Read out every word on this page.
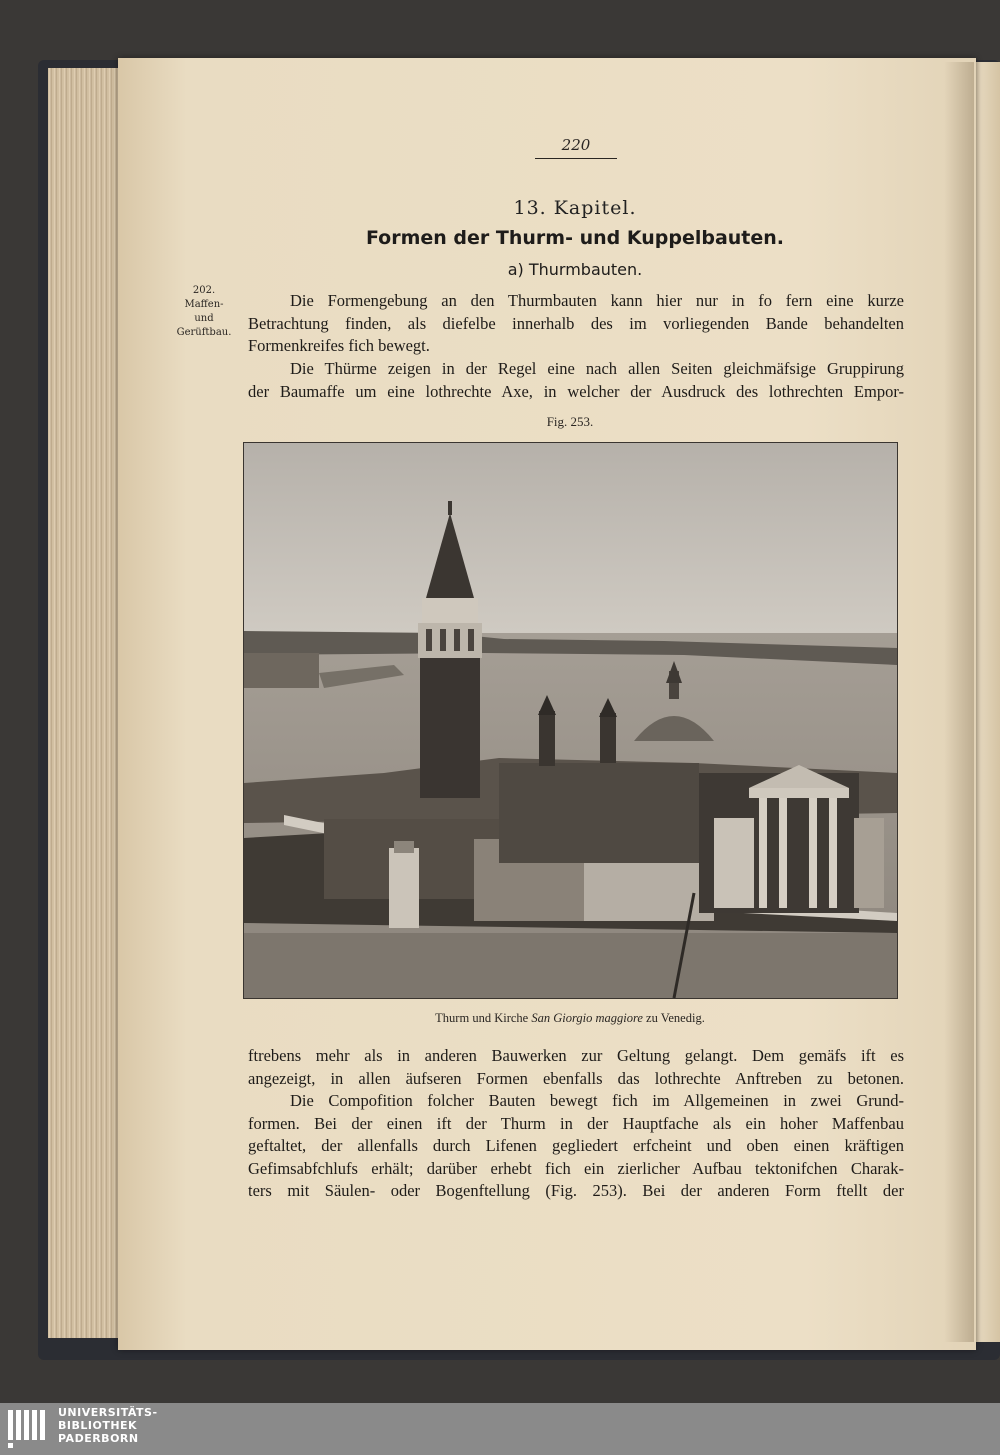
220
13. Kapitel.
Formen der Thurm- und Kuppelbauten.
a) Thurmbauten.
202.
Maffen-
und
Gerüftbau.
Die Formengebung an den Thurmbauten kann hier nur in fo fern eine kurze
Betrachtung finden, als diefelbe innerhalb des im vorliegenden Bande behandelten
Formenkreifes fich bewegt.
Die Thürme zeigen in der Regel eine nach allen Seiten gleichmäfsige Gruppirung
der Baumaffe um eine lothrechte Axe, in welcher der Ausdruck des lothrechten Empor-
Fig. 253.
Thurm und Kirche San Giorgio maggiore zu Venedig.
ftrebens mehr als in anderen Bauwerken zur Geltung gelangt. Dem gemäfs ift es
angezeigt, in allen äufseren Formen ebenfalls das lothrechte Anftreben zu betonen.
Die Compofition folcher Bauten bewegt fich im Allgemeinen in zwei Grund-
formen. Bei der einen ift der Thurm in der Hauptfache als ein hoher Maffenbau
geftaltet, der allenfalls durch Lifenen gegliedert erfcheint und oben einen kräftigen
Gefimsabfchlufs erhält; darüber erhebt fich ein zierlicher Aufbau tektonifchen Charak-
ters mit Säulen- oder Bogenftellung (Fig. 253). Bei der anderen Form ftellt der
UNIVERSITÄTS-
BIBLIOTHEK
PADERBORN
